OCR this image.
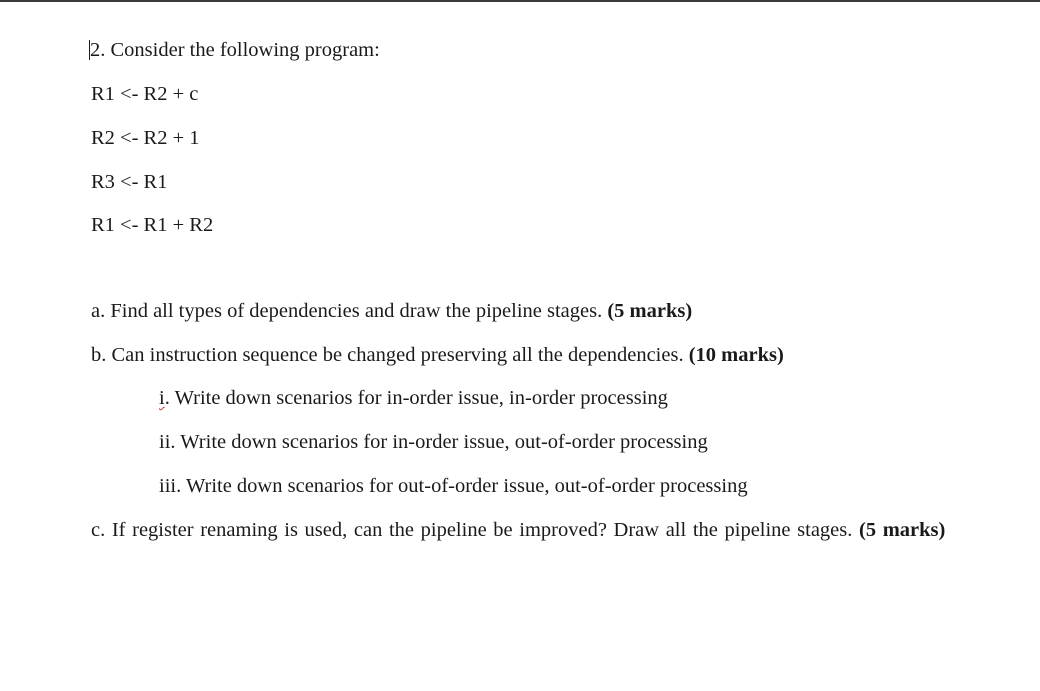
2. Consider the following program:
R1 <- R2 + c
R2 <- R2 + 1
R3 <- R1
R1 <- R1 + R2
a. Find all types of dependencies and draw the pipeline stages. (5 marks)
b. Can instruction sequence be changed preserving all the dependencies. (10 marks)
i. Write down scenarios for in-order issue, in-order processing
ii. Write down scenarios for in-order issue, out-of-order processing
iii. Write down scenarios for out-of-order issue, out-of-order processing
c. If register renaming is used, can the pipeline be improved? Draw all the pipeline stages. (5 marks)
